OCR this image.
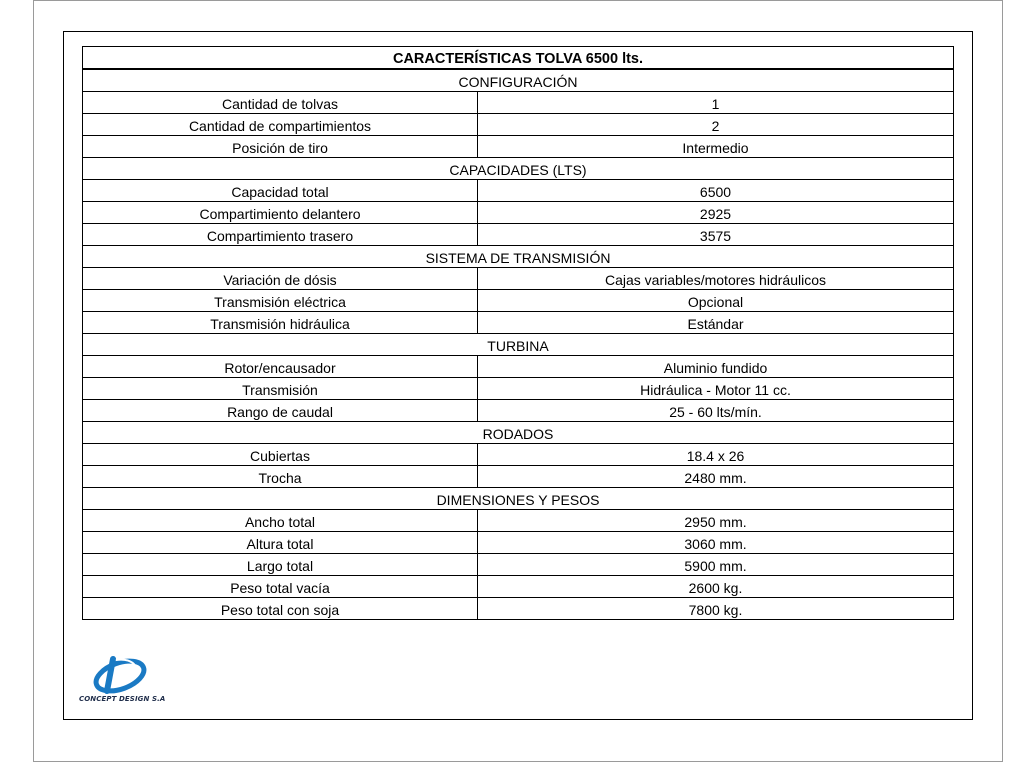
CARACTERÍSTICAS TOLVA 6500 lts.	
CONFIGURACIÓN	
Cantidad de tolvas	1
Cantidad de compartimientos	2
Posición de tiro	Intermedio
CAPACIDADES (LTS)	
Capacidad total	6500
Compartimiento delantero	2925
Compartimiento trasero	3575
SISTEMA DE TRANSMISIÓN	
Variación de dósis	Cajas variables/motores hidráulicos
Transmisión eléctrica	Opcional
Transmisión hidráulica	Estándar
TURBINA	
Rotor/encausador	Aluminio fundido
Transmisión	Hidráulica - Motor 11 cc.
Rango de caudal	25 - 60 lts/mín.
RODADOS	
Cubiertas	18.4 x 26
Trocha	2480 mm.
DIMENSIONES Y PESOS	
Ancho total	2950 mm.
Altura total	3060 mm.
Largo total	5900 mm.
Peso total vacía	2600 kg.
Peso total con soja	7800 kg.
CONCEPT DESIGN S.A
